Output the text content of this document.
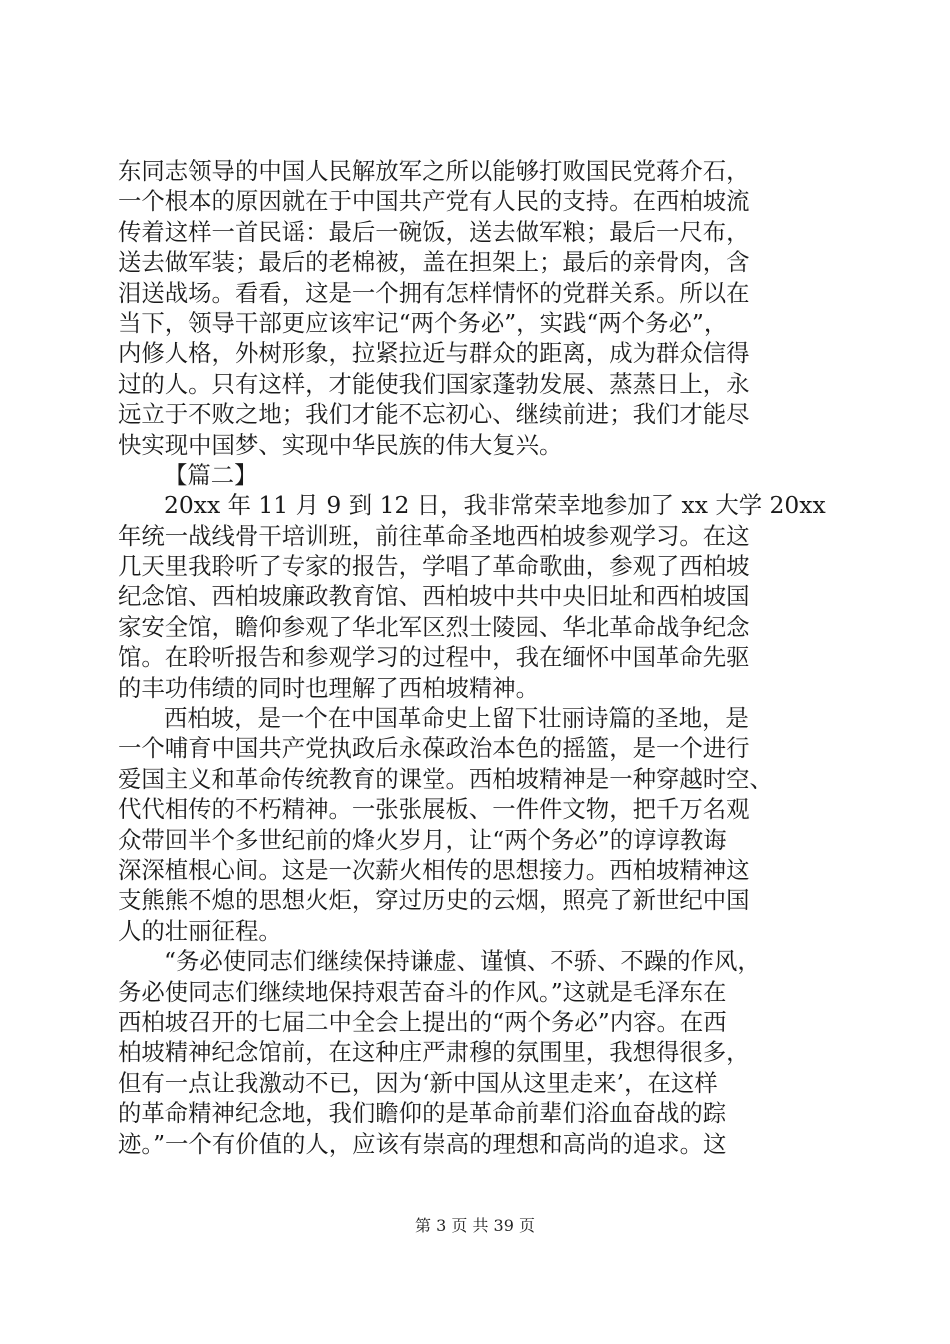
东同志领导的中国人民解放军之所以能够打败国民党蒋介石，
一个根本的原因就在于中国共产党有人民的支持。在西柏坡流
传着这样一首民谣：最后一碗饭，送去做军粮；最后一尺布，
送去做军装；最后的老棉被，盖在担架上；最后的亲骨肉，含
泪送战场。看看，这是一个拥有怎样情怀的党群关系。所以在
当下，领导干部更应该牢记“两个务必”，实践“两个务必”，
内修人格，外树形象，拉紧拉近与群众的距离，成为群众信得
过的人。只有这样，才能使我们国家蓬勃发展、蒸蒸日上，永
远立于不败之地；我们才能不忘初心、继续前进；我们才能尽
快实现中国梦、实现中华民族的伟大复兴。
【篇二】
20xx 年 11 月 9 到 12 日，我非常荣幸地参加了 xx 大学 20xx
年统一战线骨干培训班，前往革命圣地西柏坡参观学习。在这
几天里我聆听了专家的报告，学唱了革命歌曲，参观了西柏坡
纪念馆、西柏坡廉政教育馆、西柏坡中共中央旧址和西柏坡国
家安全馆，瞻仰参观了华北军区烈士陵园、华北革命战争纪念
馆。在聆听报告和参观学习的过程中，我在缅怀中国革命先驱
的丰功伟绩的同时也理解了西柏坡精神。
西柏坡，是一个在中国革命史上留下壮丽诗篇的圣地，是
一个哺育中国共产党执政后永葆政治本色的摇篮，是一个进行
爱国主义和革命传统教育的课堂。西柏坡精神是一种穿越时空、
代代相传的不朽精神。一张张展板、一件件文物，把千万名观
众带回半个多世纪前的烽火岁月，让“两个务必”的谆谆教诲
深深植根心间。这是一次薪火相传的思想接力。西柏坡精神这
支熊熊不熄的思想火炬，穿过历史的云烟，照亮了新世纪中国
人的壮丽征程。
“务必使同志们继续保持谦虚、谨慎、不骄、不躁的作风，
务必使同志们继续地保持艰苦奋斗的作风。”这就是毛泽东在
西柏坡召开的七届二中全会上提出的“两个务必”内容。在西
柏坡精神纪念馆前，在这种庄严肃穆的氛围里，我想得很多，
但有一点让我激动不已，因为‘新中国从这里走来’，在这样
的革命精神纪念地，我们瞻仰的是革命前辈们浴血奋战的踪
迹。”一个有价值的人，应该有崇高的理想和高尚的追求。这
第 3 页 共 39 页
